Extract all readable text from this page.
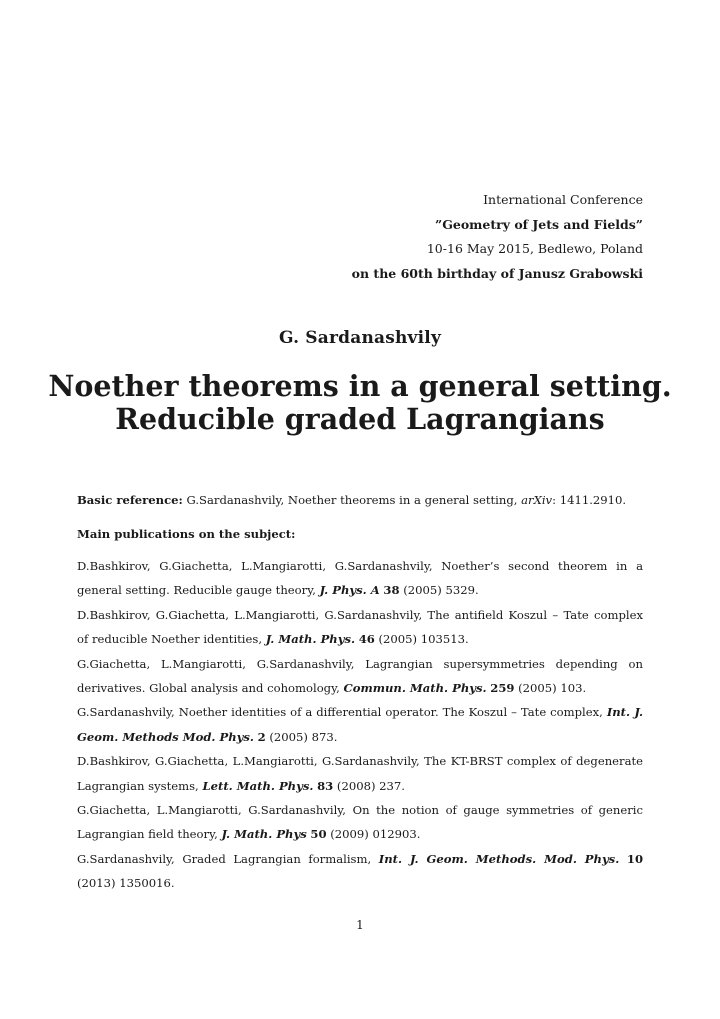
International Conference
”Geometry of Jets and Fields”
10-16 May 2015, Bedlewo, Poland
on the 60th birthday of Janusz Grabowski
G. Sardanashvily
Noether theorems in a general setting.
Reducible graded Lagrangians
Basic reference: G.Sardanashvily, Noether theorems in a general setting, arXiv: 1411.2910.
Main publications on the subject:
D.Bashkirov, G.Giachetta, L.Mangiarotti, G.Sardanashvily, Noether’s second theorem in a general setting. Reducible gauge theory, J. Phys. A 38 (2005) 5329.
D.Bashkirov, G.Giachetta, L.Mangiarotti, G.Sardanashvily, The antifield Koszul – Tate complex of reducible Noether identities, J. Math. Phys. 46 (2005) 103513.
G.Giachetta, L.Mangiarotti, G.Sardanashvily, Lagrangian supersymmetries depending on derivatives. Global analysis and cohomology, Commun. Math. Phys. 259 (2005) 103.
G.Sardanashvily, Noether identities of a differential operator. The Koszul – Tate complex, Int. J. Geom. Methods Mod. Phys. 2 (2005) 873.
D.Bashkirov, G.Giachetta, L.Mangiarotti, G.Sardanashvily, The KT-BRST complex of degenerate Lagrangian systems, Lett. Math. Phys. 83 (2008) 237.
G.Giachetta, L.Mangiarotti, G.Sardanashvily, On the notion of gauge symmetries of generic Lagrangian field theory, J. Math. Phys 50 (2009) 012903.
G.Sardanashvily, Graded Lagrangian formalism, Int. J. Geom. Methods. Mod. Phys. 10 (2013) 1350016.
1
